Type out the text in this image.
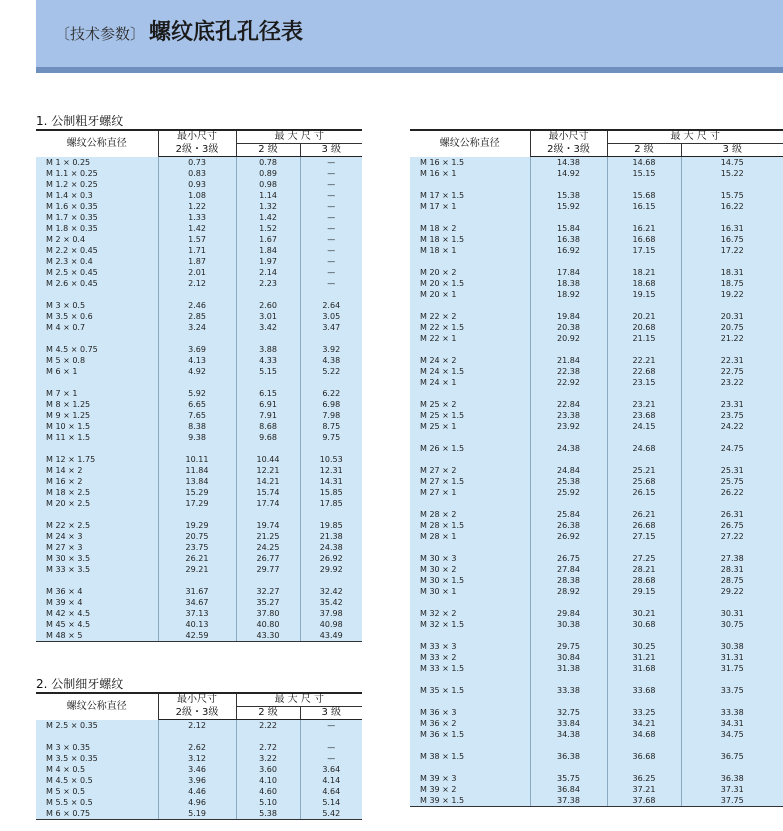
〔技术参数〕 螺纹底孔孔径表
1. 公制粗牙螺纹
2. 公制细牙螺纹
螺纹公称直径	最小尺寸	最 大 尺 寸	
	2级・3级	2 级	3 级
M 1 × 0.25	0.73	0.78	—
M 1.1 × 0.25	0.83	0.89	—
M 1.2 × 0.25	0.93	0.98	—
M 1.4 × 0.3	1.08	1.14	—
M 1.6 × 0.35	1.22	1.32	—
M 1.7 × 0.35	1.33	1.42	—
M 1.8 × 0.35	1.42	1.52	—
M 2 × 0.4	1.57	1.67	—
M 2.2 × 0.45	1.71	1.84	—
M 2.3 × 0.4	1.87	1.97	—
M 2.5 × 0.45	2.01	2.14	—
M 2.6 × 0.45	2.12	2.23	—

M 3 × 0.5	2.46	2.60	2.64
M 3.5 × 0.6	2.85	3.01	3.05
M 4 × 0.7	3.24	3.42	3.47

M 4.5 × 0.75	3.69	3.88	3.92
M 5 × 0.8	4.13	4.33	4.38
M 6 × 1	4.92	5.15	5.22

M 7 × 1	5.92	6.15	6.22
M 8 × 1.25	6.65	6.91	6.98
M 9 × 1.25	7.65	7.91	7.98
M 10 × 1.5	8.38	8.68	8.75
M 11 × 1.5	9.38	9.68	9.75

M 12 × 1.75	10.11	10.44	10.53
M 14 × 2	11.84	12.21	12.31
M 16 × 2	13.84	14.21	14.31
M 18 × 2.5	15.29	15.74	15.85
M 20 × 2.5	17.29	17.74	17.85

M 22 × 2.5	19.29	19.74	19.85
M 24 × 3	20.75	21.25	21.38
M 27 × 3	23.75	24.25	24.38
M 30 × 3.5	26.21	26.77	26.92
M 33 × 3.5	29.21	29.77	29.92

M 36 × 4	31.67	32.27	32.42
M 39 × 4	34.67	35.27	35.42
M 42 × 4.5	37.13	37.80	37.98
M 45 × 4.5	40.13	40.80	40.98
M 48 × 5	42.59	43.30	43.49
螺纹公称直径	最小尺寸	最 大 尺 寸	
	2级・3级	2 级	3 级
M 2.5 × 0.35	2.12	2.22	—

M 3 × 0.35	2.62	2.72	—
M 3.5 × 0.35	3.12	3.22	—
M 4 × 0.5	3.46	3.60	3.64
M 4.5 × 0.5	3.96	4.10	4.14
M 5 × 0.5	4.46	4.60	4.64
M 5.5 × 0.5	4.96	5.10	5.14
M 6 × 0.75	5.19	5.38	5.42
螺纹公称直径	最小尺寸	最 大 尺 寸	
	2级・3级	2 级	3 级
M 16 × 1.5	14.38	14.68	14.75
M 16 × 1	14.92	15.15	15.22

M 17 × 1.5	15.38	15.68	15.75
M 17 × 1	15.92	16.15	16.22

M 18 × 2	15.84	16.21	16.31
M 18 × 1.5	16.38	16.68	16.75
M 18 × 1	16.92	17.15	17.22

M 20 × 2	17.84	18.21	18.31
M 20 × 1.5	18.38	18.68	18.75
M 20 × 1	18.92	19.15	19.22

M 22 × 2	19.84	20.21	20.31
M 22 × 1.5	20.38	20.68	20.75
M 22 × 1	20.92	21.15	21.22

M 24 × 2	21.84	22.21	22.31
M 24 × 1.5	22.38	22.68	22.75
M 24 × 1	22.92	23.15	23.22

M 25 × 2	22.84	23.21	23.31
M 25 × 1.5	23.38	23.68	23.75
M 25 × 1	23.92	24.15	24.22

M 26 × 1.5	24.38	24.68	24.75

M 27 × 2	24.84	25.21	25.31
M 27 × 1.5	25.38	25.68	25.75
M 27 × 1	25.92	26.15	26.22

M 28 × 2	25.84	26.21	26.31
M 28 × 1.5	26.38	26.68	26.75
M 28 × 1	26.92	27.15	27.22

M 30 × 3	26.75	27.25	27.38
M 30 × 2	27.84	28.21	28.31
M 30 × 1.5	28.38	28.68	28.75
M 30 × 1	28.92	29.15	29.22

M 32 × 2	29.84	30.21	30.31
M 32 × 1.5	30.38	30.68	30.75

M 33 × 3	29.75	30.25	30.38
M 33 × 2	30.84	31.21	31.31
M 33 × 1.5	31.38	31.68	31.75

M 35 × 1.5	33.38	33.68	33.75

M 36 × 3	32.75	33.25	33.38
M 36 × 2	33.84	34.21	34.31
M 36 × 1.5	34.38	34.68	34.75

M 38 × 1.5	36.38	36.68	36.75

M 39 × 3	35.75	36.25	36.38
M 39 × 2	36.84	37.21	37.31
M 39 × 1.5	37.38	37.68	37.75
